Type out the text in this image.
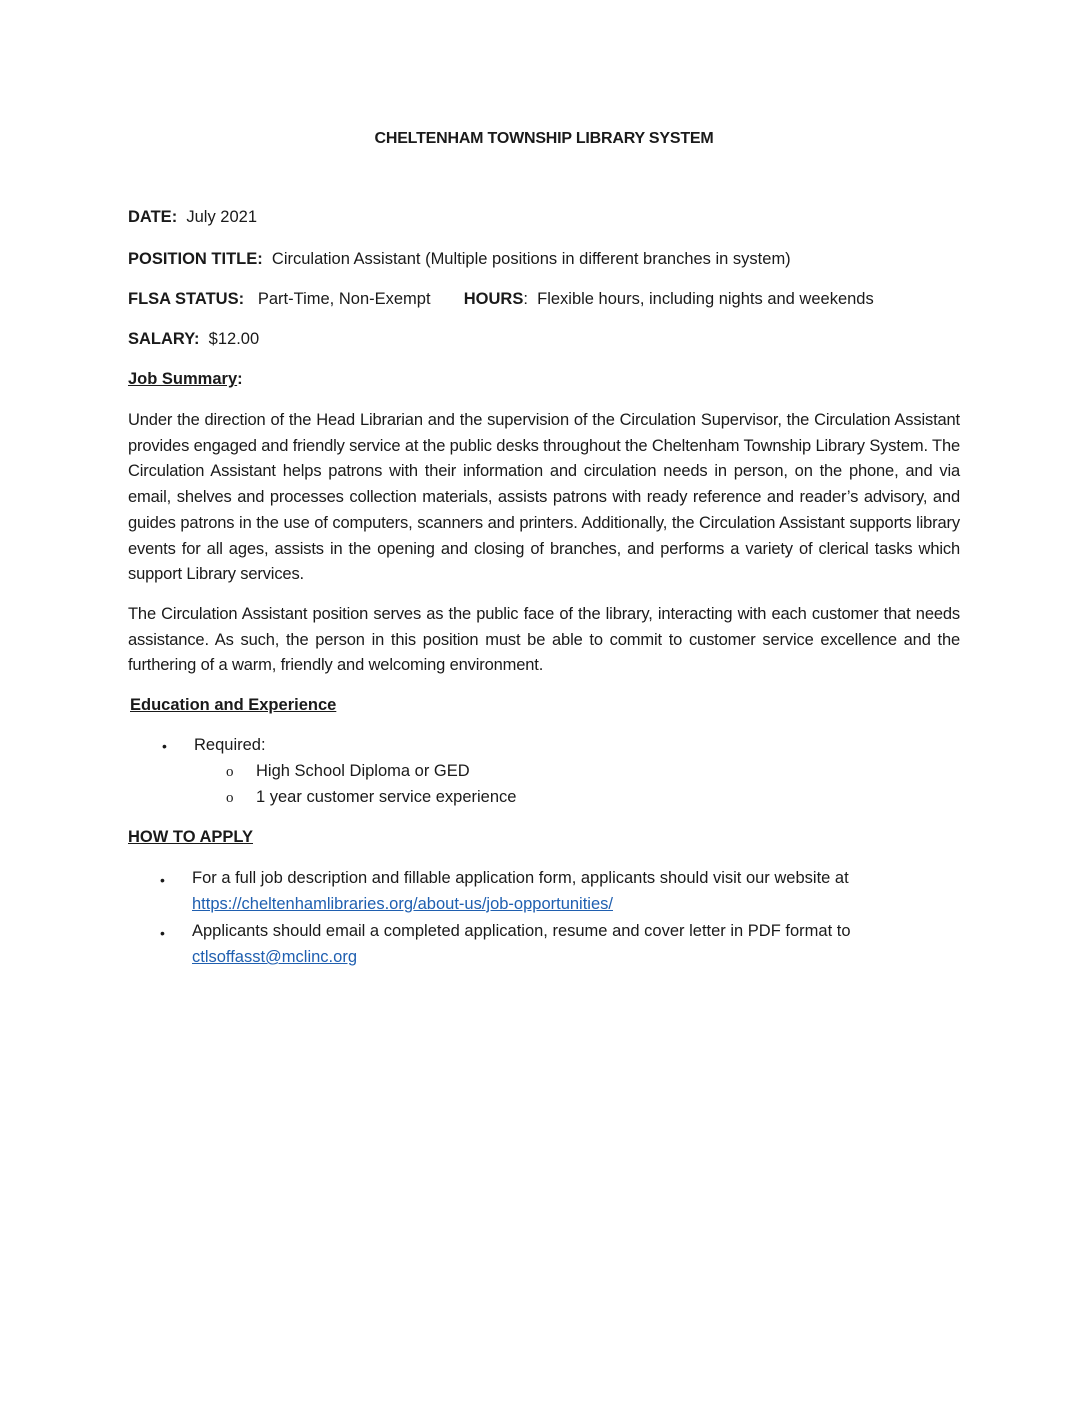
CHELTENHAM TOWNSHIP LIBRARY SYSTEM
DATE: July 2021
POSITION TITLE: Circulation Assistant (Multiple positions in different branches in system)
FLSA STATUS: Part-Time, Non-Exempt HOURS: Flexible hours, including nights and weekends
SALARY: $12.00
Job Summary:
Under the direction of the Head Librarian and the supervision of the Circulation Supervisor, the Circulation Assistant provides engaged and friendly service at the public desks throughout the Cheltenham Township Library System. The Circulation Assistant helps patrons with their information and circulation needs in person, on the phone, and via email, shelves and processes collection materials, assists patrons with ready reference and reader’s advisory, and guides patrons in the use of computers, scanners and printers. Additionally, the Circulation Assistant supports library events for all ages, assists in the opening and closing of branches, and performs a variety of clerical tasks which support Library services.
The Circulation Assistant position serves as the public face of the library, interacting with each customer that needs assistance. As such, the person in this position must be able to commit to customer service excellence and the furthering of a warm, friendly and welcoming environment.
Education and Experience
• Required:
o High School Diploma or GED
o 1 year customer service experience
HOW TO APPLY
• For a full job description and fillable application form, applicants should visit our website at
https://cheltenhamlibraries.org/about-us/job-opportunities/
• Applicants should email a completed application, resume and cover letter in PDF format to
ctlsoffasst@mclinc.org
